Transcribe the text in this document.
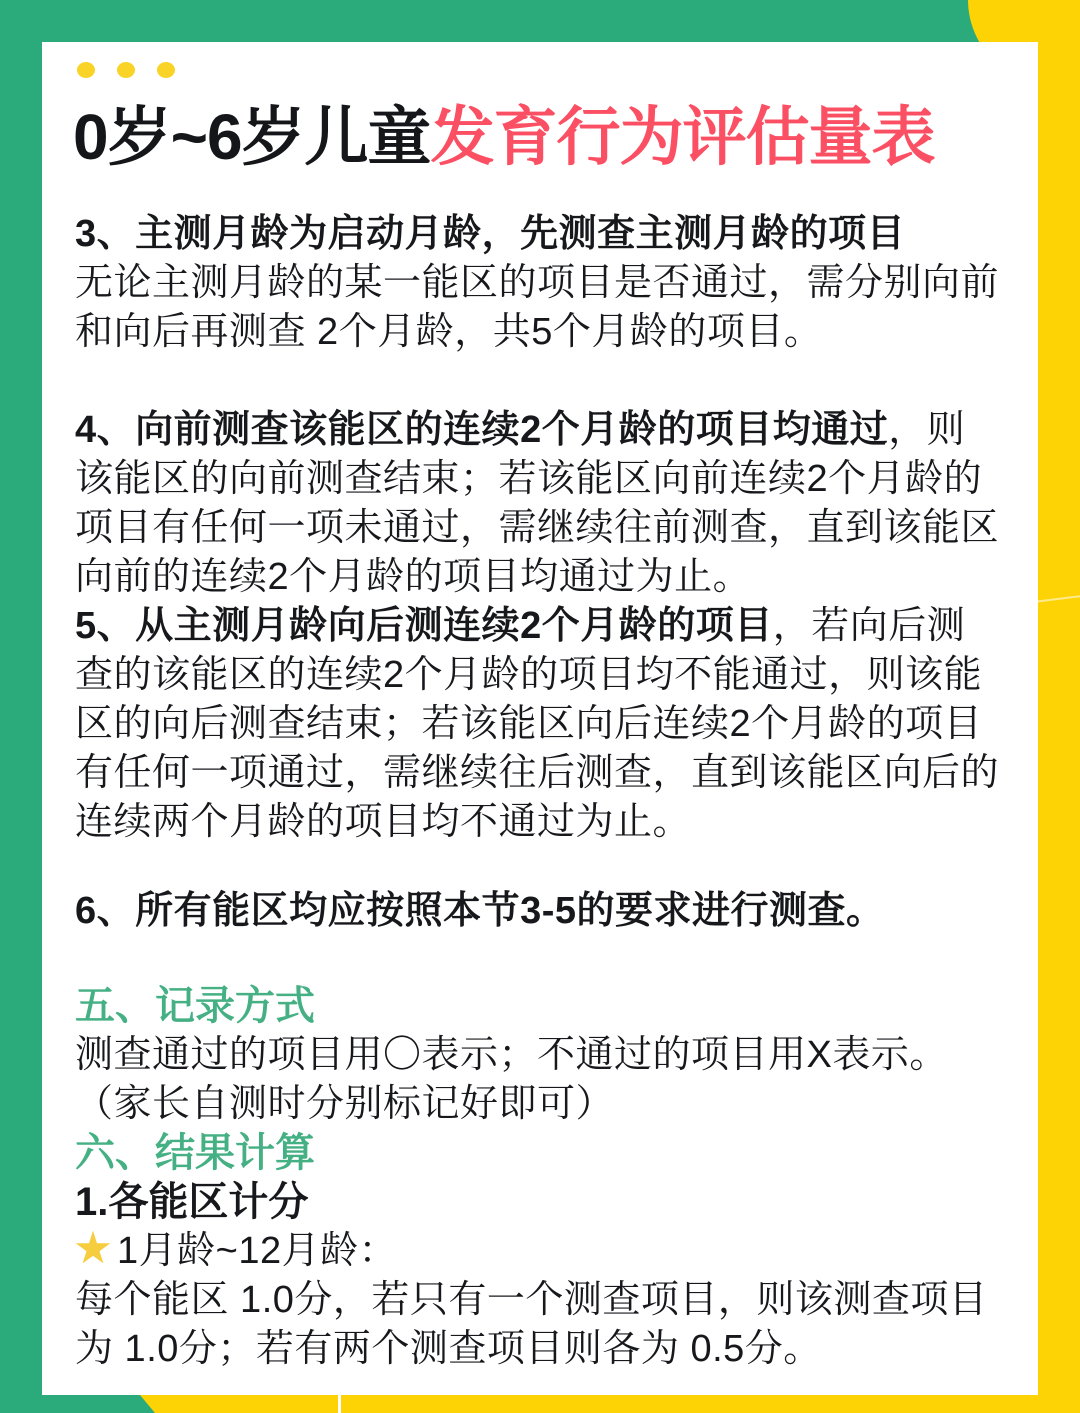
0岁~6岁儿童发育行为评估量表

3、主测月龄为启动月龄，先测查主测月龄的项目
无论主测月龄的某一能区的项目是否通过，需分别向前和向后再测查 2个月龄，共5个月龄的项目。

4、向前测查该能区的连续2个月龄的项目均通过，则该能区的向前测查结束；若该能区向前连续2个月龄的项目有任何一项未通过，需继续往前测查，直到该能区向前的连续2个月龄的项目均通过为止。

5、从主测月龄向后测连续2个月龄的项目，若向后测查的该能区的连续2个月龄的项目均不能通过，则该能区的向后测查结束；若该能区向后连续2个月龄的项目有任何一项通过，需继续往后测查，直到该能区向后的连续两个月龄的项目均不通过为止。

6、所有能区均应按照本节3-5的要求进行测查。

五、记录方式

测查通过的项目用〇表示；不通过的项目用X表示。
（家长自测时分别标记好即可）

六、结果计算
1.各能区计分

1月龄~12月龄：

每个能区 1.0分，若只有一个测查项目，则该测查项目为 1.0分；若有两个测查项目则各为 0.5分。
